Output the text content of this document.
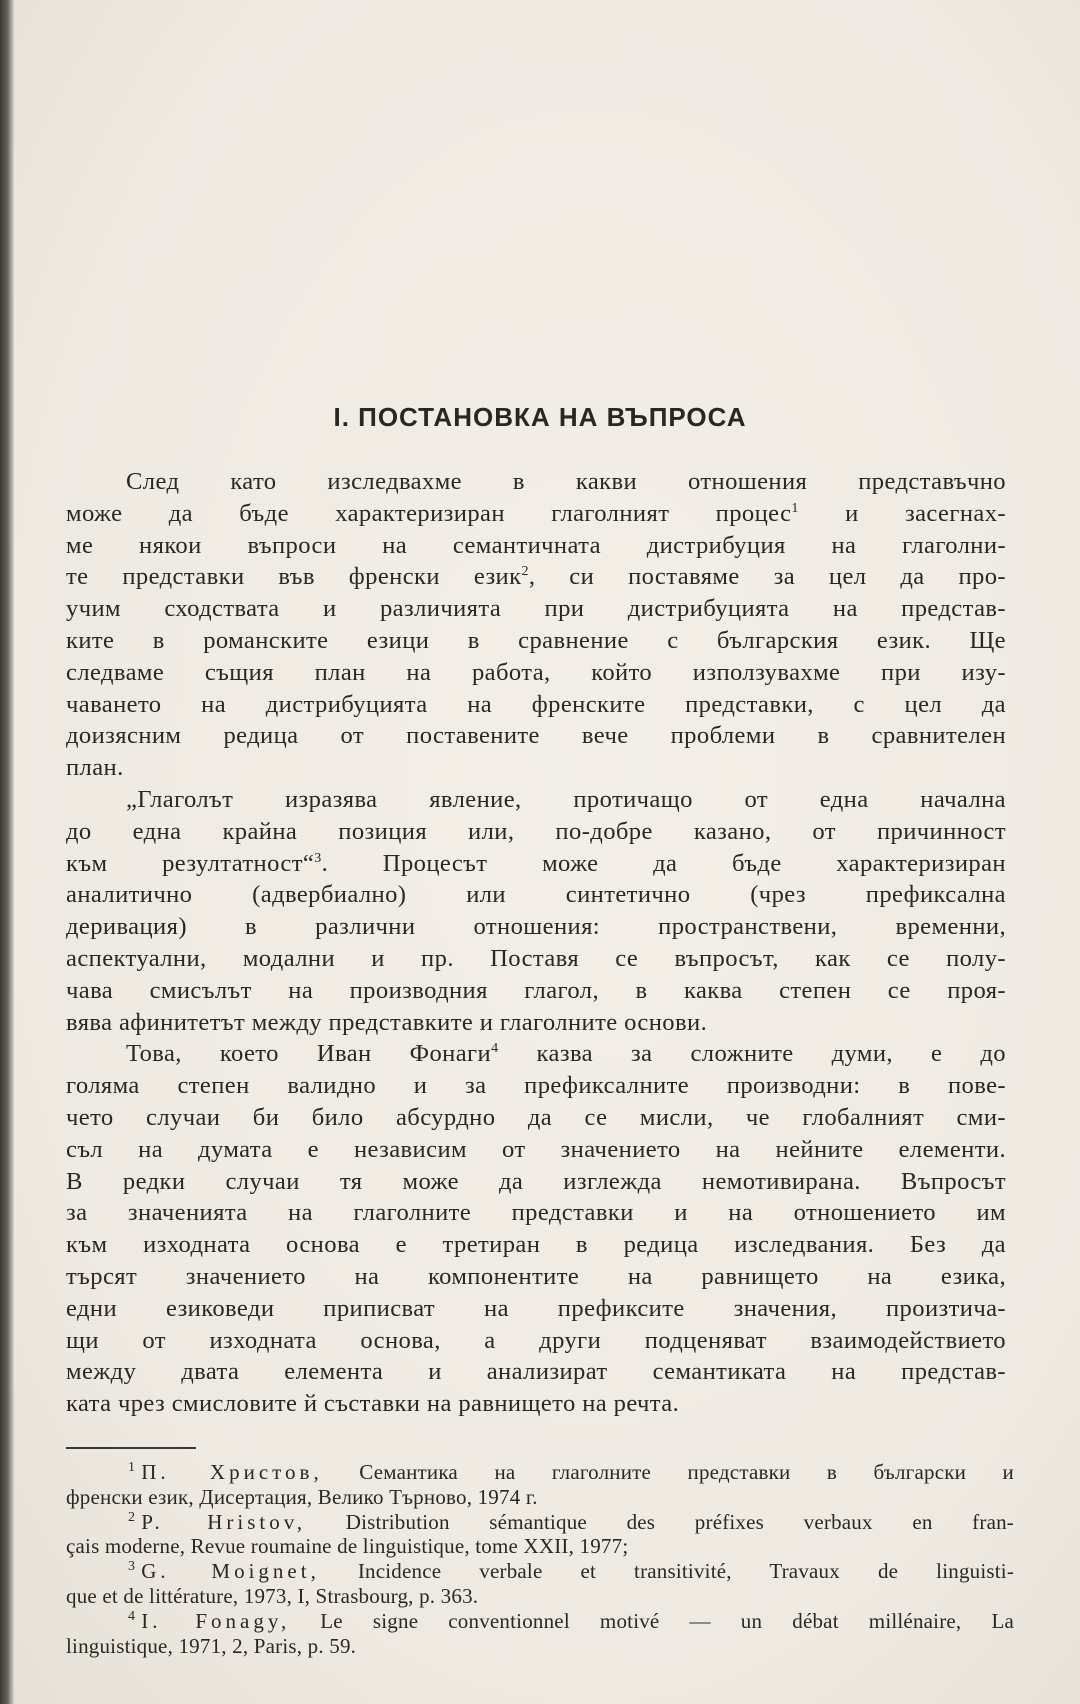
I. ПОСТАНОВКА НА ВЪПРОСА
След като изследвахме в какви отношения представъчно
може да бъде характеризиран глаголният процес$^1$ и засегнах-
ме някои въпроси на семантичната дистрибуция на глаголни-
те представки във френски език$^2$, си поставяме за цел да про-
учим сходствата и различията при дистрибуцията на представ-
ките в романските езици в сравнение с българския език. Ще
следваме същия план на работа, който използувахме при изу-
чаването на дистрибуцията на френските представки, с цел да
доизясним редица от поставените вече проблеми в сравнителен
план.
„Глаголът изразява явление, протичащо от една начална
до една крайна позиция или, по-добре казано, от причинност
към резултатност“$^3$. Процесът може да бъде характеризиран
аналитично (адвербиално) или синтетично (чрез префиксална
деривация) в различни отношения: пространствени, временни,
аспектуални, модални и пр. Поставя се въпросът, как се полу-
чава смисълът на производния глагол, в каква степен се проя-
вява афинитетът между представките и глаголните основи.
Това, което Иван Фонаги$^4$ казва за сложните думи, е до
голяма степен валидно и за префиксалните производни: в пове-
чето случаи би било абсурдно да се мисли, че глобалният сми-
съл на думата е независим от значението на нейните елементи.
В редки случаи тя може да изглежда немотивирана. Въпросът
за значенията на глаголните представки и на отношението им
към изходната основа е третиран в редица изследвания. Без да
търсят значението на компонентите на равнището на езика,
едни езиковеди приписват на префиксите значения, произтича-
щи от изходната основа, а други подценяват взаимодействието
между двата елемента и анализират семантиката на представ-
ката чрез смисловите й съставки на равнището на речта.
$^1$ П. Христов, Семантика на глаголните представки в български и
френски език, Дисертация, Велико Търново, 1974 г.
$^2$ P. Hristov, Distribution sémantique des préfixes verbaux en fran-
çais moderne, Revue roumaine de linguistique, tome XXII, 1977;
$^3$ G. Moignet, Incidence verbale et transitivité, Travaux de linguisti-
que et de littérature, 1973, I, Strasbourg, p. 363.
$^4$ I. Fonagy, Le signe conventionnel motivé — un débat millénaire, La
linguistique, 1971, 2, Paris, p. 59.
